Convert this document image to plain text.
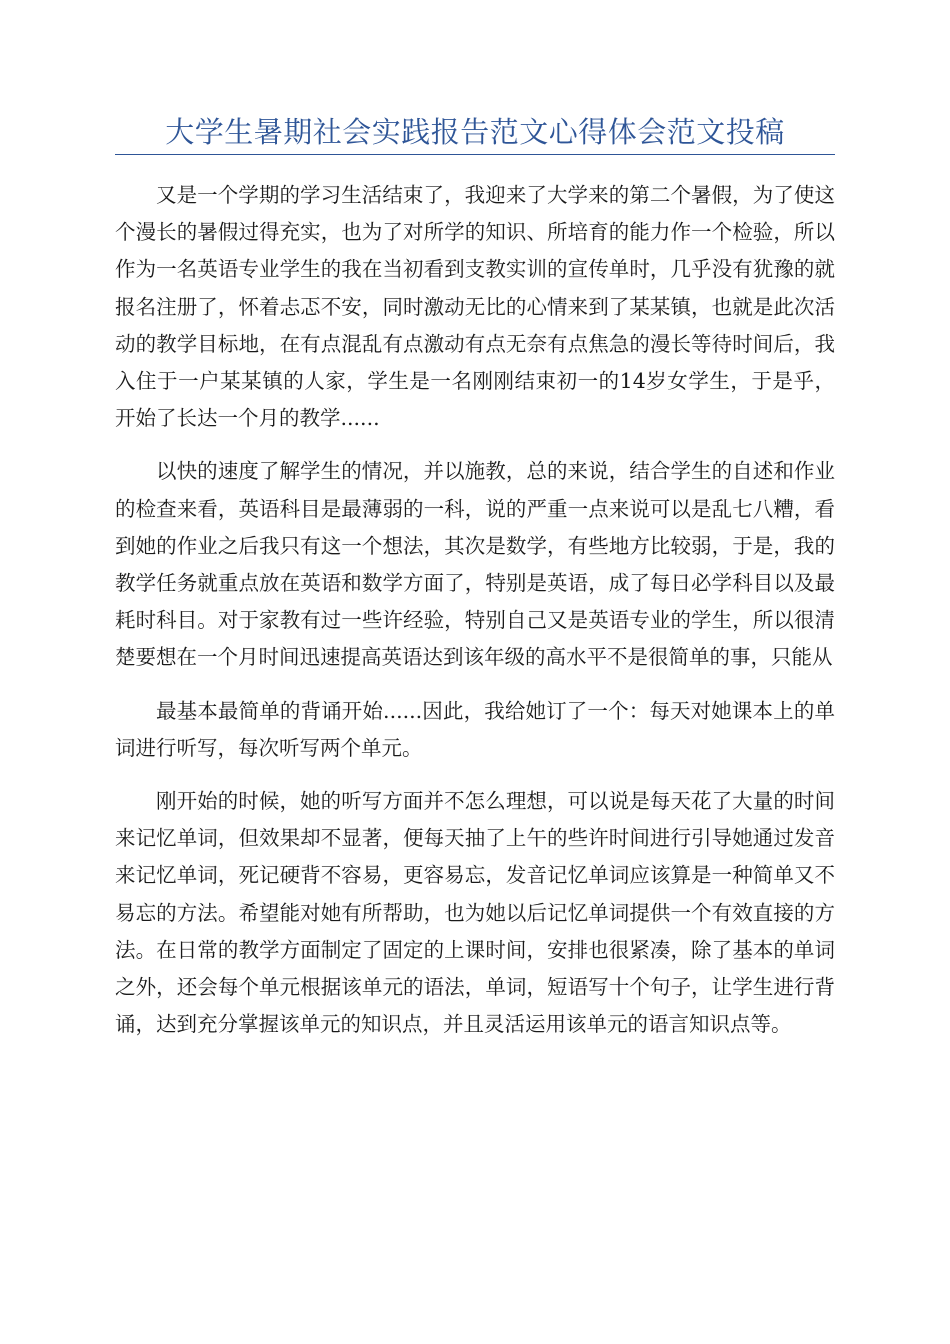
大学生暑期社会实践报告范文心得体会范文投稿

又是一个学期的学习生活结束了，我迎来了大学来的第二个暑假，为了使这个漫长的暑假过得充实，也为了对所学的知识、所培育的能力作一个检验，所以作为一名英语专业学生的我在当初看到支教实训的宣传单时，几乎没有犹豫的就报名注册了，怀着忐忑不安，同时激动无比的心情来到了某某镇，也就是此次活动的教学目标地，在有点混乱有点激动有点无奈有点焦急的漫长等待时间后，我入住于一户某某镇的人家，学生是一名刚刚结束初一的14岁女学生，于是乎，开始了长达一个月的教学......

以快的速度了解学生的情况，并以施教，总的来说，结合学生的自述和作业的检查来看，英语科目是最薄弱的一科，说的严重一点来说可以是乱七八糟，看到她的作业之后我只有这一个想法，其次是数学，有些地方比较弱，于是，我的教学任务就重点放在英语和数学方面了，特别是英语，成了每日必学科目以及最耗时科目。对于家教有过一些许经验，特别自己又是英语专业的学生，所以很清楚要想在一个月时间迅速提高英语达到该年级的高水平不是很简单的事，只能从

最基本最简单的背诵开始......因此，我给她订了一个：每天对她课本上的单词进行听写，每次听写两个单元。

刚开始的时候，她的听写方面并不怎么理想，可以说是每天花了大量的时间来记忆单词，但效果却不显著，便每天抽了上午的些许时间进行引导她通过发音来记忆单词，死记硬背不容易，更容易忘，发音记忆单词应该算是一种简单又不易忘的方法。希望能对她有所帮助，也为她以后记忆单词提供一个有效直接的方法。在日常的教学方面制定了固定的上课时间，安排也很紧凑，除了基本的单词之外，还会每个单元根据该单元的语法，单词，短语写十个句子，让学生进行背诵，达到充分掌握该单元的知识点，并且灵活运用该单元的语言知识点等。
